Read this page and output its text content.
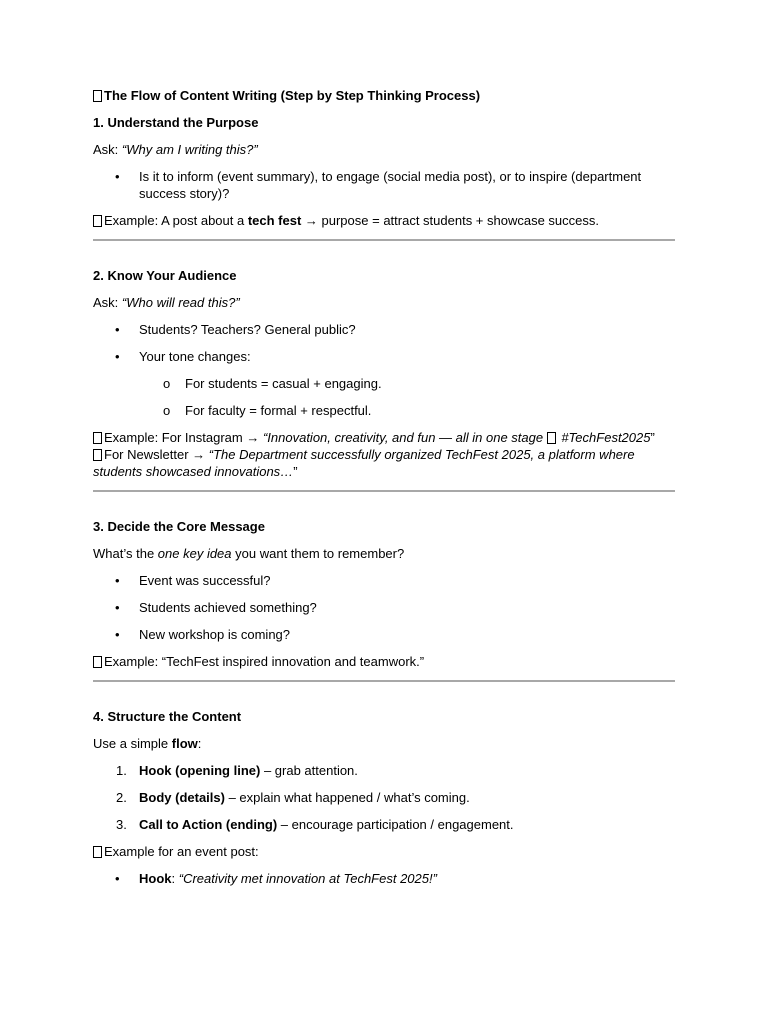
The Flow of Content Writing (Step by Step Thinking Process)

1. Understand the Purpose

Ask: “Why am I writing this?”

• Is it to inform (event summary), to engage (social media post), or to inspire (department success story)?

Example: A post about a tech fest → purpose = attract students + showcase success.

2. Know Your Audience

Ask: “Who will read this?”

• Students? Teachers? General public?
• Your tone changes:
o For students = casual + engaging.
o For faculty = formal + respectful.

Example: For Instagram → “Innovation, creativity, and fun — all in one stage  #TechFest2025”

For Newsletter → “The Department successfully organized TechFest 2025, a platform where students showcased innovations…”

3. Decide the Core Message

What’s the one key idea you want them to remember?

• Event was successful?
• Students achieved something?
• New workshop is coming?

Example: “TechFest inspired innovation and teamwork.”

4. Structure the Content

Use a simple flow:

1. Hook (opening line) – grab attention.
2. Body (details) – explain what happened / what’s coming.
3. Call to Action (ending) – encourage participation / engagement.

Example for an event post:

• Hook: “Creativity met innovation at TechFest 2025!”
